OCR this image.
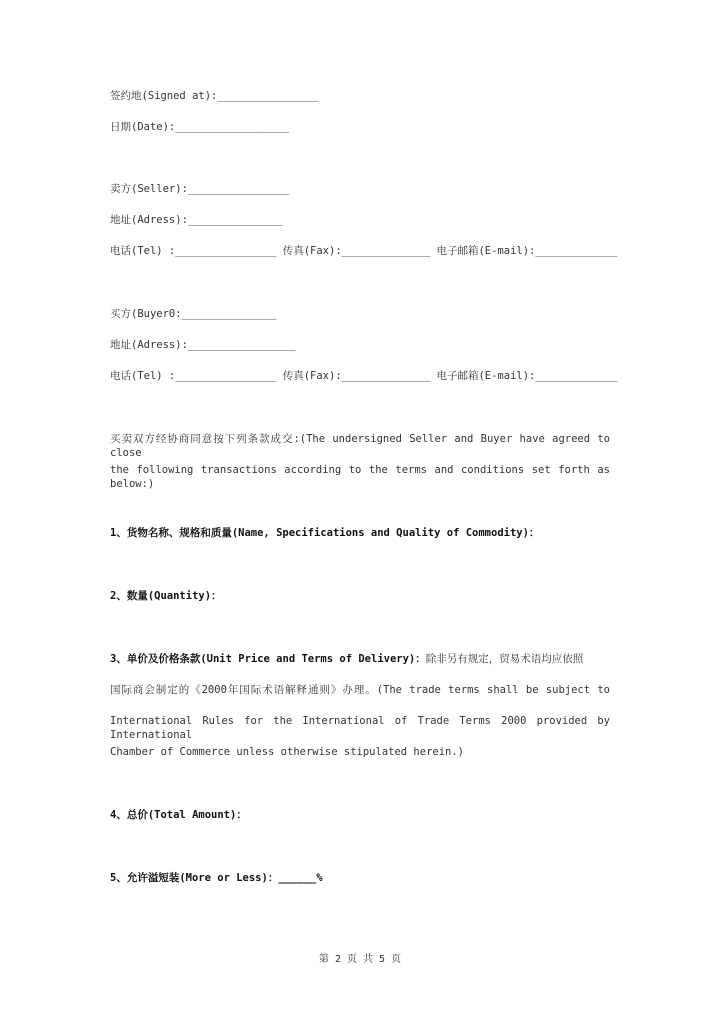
签约地(Signed at):________________
日期(Date):__________________
卖方(Seller):________________
地址(Adress):_______________
电话(Tel) :________________ 传真(Fax):______________ 电子邮箱(E-mail):_____________
买方(Buyer0:_______________
地址(Adress):_________________
电话(Tel) :________________ 传真(Fax):______________ 电子邮箱(E-mail):_____________
买卖双方经协商同意按下列条款成交:(The undersigned Seller and Buyer have agreed to close
the following transactions according to the terms and conditions set forth as below:)
1、货物名称、规格和质量(Name, Specifications and Quality of Commodity)：
2、数量(Quantity)：
3、单价及价格条款(Unit Price and Terms of Delivery)：除非另有规定，贸易术语均应依照
国际商会制定的《2000年国际术语解释通则》办理。(The trade terms shall be subject to
International Rules for the International of Trade Terms 2000 provided by International
Chamber of Commerce unless otherwise stipulated herein.)
4、总价(Total Amount)：
5、允许溢短装(More or Less)：______%
第 2 页 共 5 页
